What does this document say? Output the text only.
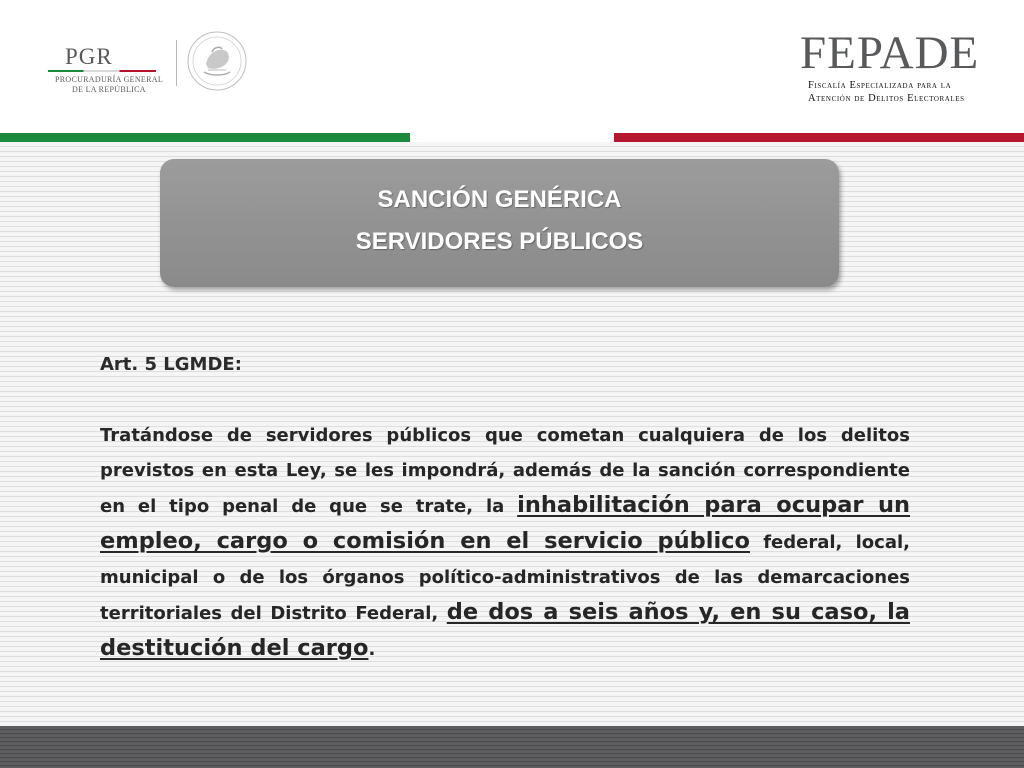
PGR
PROCURADURÍA GENERAL
DE LA REPÚBLICA
FEPADE
Fiscalía Especializada para la
Atención de Delitos Electorales
SANCIÓN GENÉRICA
SERVIDORES PÚBLICOS
Art. 5 LGMDE:
Tratándose de servidores públicos que cometan cualquiera de los delitos previstos en esta Ley, se les impondrá, además de la sanción correspondiente en el tipo penal de que se trate, la inhabilitación para ocupar un empleo, cargo o comisión en el servicio público federal, local, municipal o de los órganos político-administrativos de las demarcaciones territoriales del Distrito Federal, de dos a seis años y, en su caso, la destitución del cargo.
